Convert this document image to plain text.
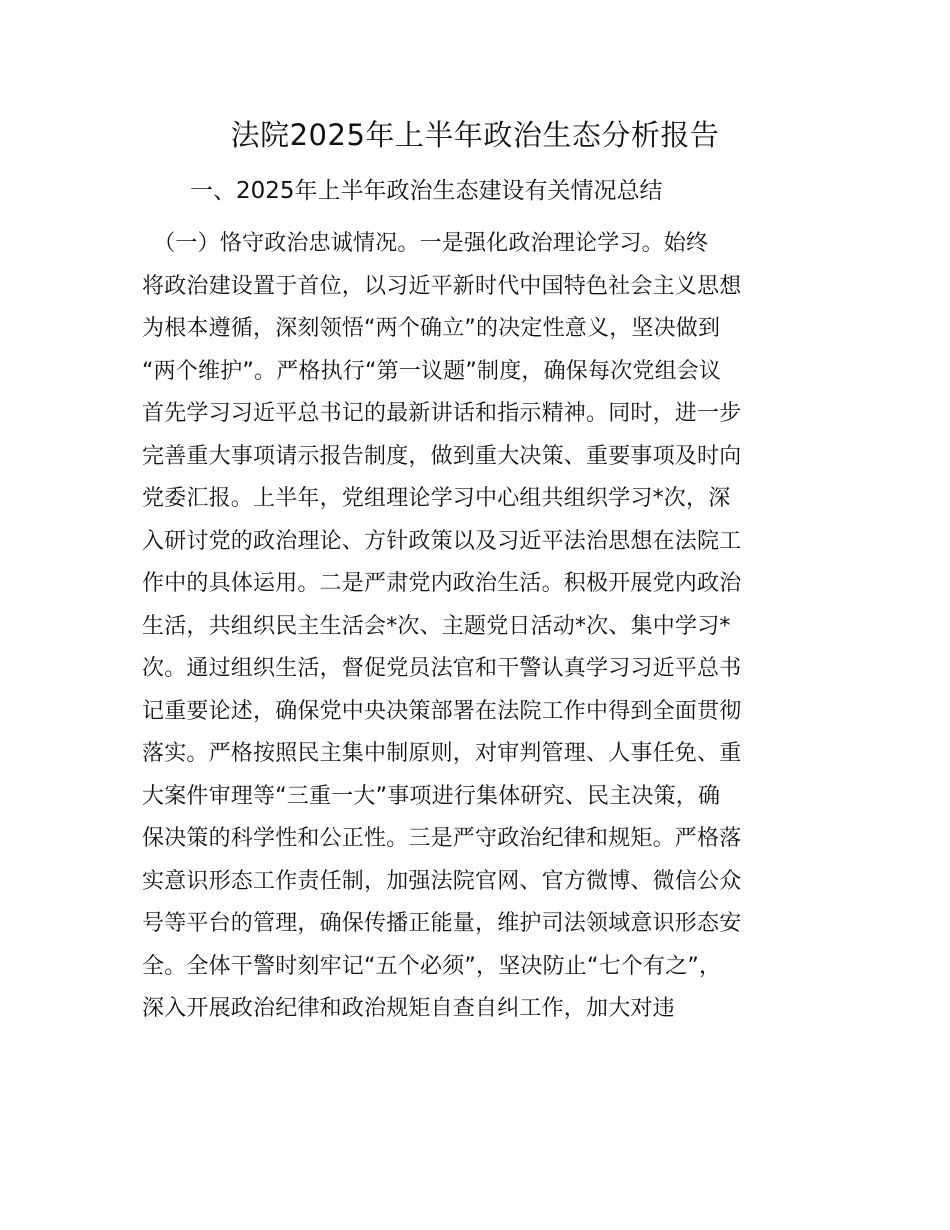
法院2025年上半年政治生态分析报告
一、2025年上半年政治生态建设有关情况总结
　（一）恪守政治忠诚情况。一是强化政治理论学习。始终
将政治建设置于首位，以习近平新时代中国特色社会主义思想
为根本遵循，深刻领悟“两个确立”的决定性意义，坚决做到
“两个维护”。严格执行“第一议题”制度，确保每次党组会议
首先学习习近平总书记的最新讲话和指示精神。同时，进一步
完善重大事项请示报告制度，做到重大决策、重要事项及时向
党委汇报。上半年，党组理论学习中心组共组织学习*次，深
入研讨党的政治理论、方针政策以及习近平法治思想在法院工
作中的具体运用。二是严肃党内政治生活。积极开展党内政治
生活，共组织民主生活会*次、主题党日活动*次、集中学习*
次。通过组织生活，督促党员法官和干警认真学习习近平总书
记重要论述，确保党中央决策部署在法院工作中得到全面贯彻
落实。严格按照民主集中制原则，对审判管理、人事任免、重
大案件审理等“三重一大”事项进行集体研究、民主决策，确
保决策的科学性和公正性。三是严守政治纪律和规矩。严格落
实意识形态工作责任制，加强法院官网、官方微博、微信公众
号等平台的管理，确保传播正能量，维护司法领域意识形态安
全。全体干警时刻牢记“五个必须”，坚决防止“七个有之”，
深入开展政治纪律和政治规矩自查自纠工作，加大对违
